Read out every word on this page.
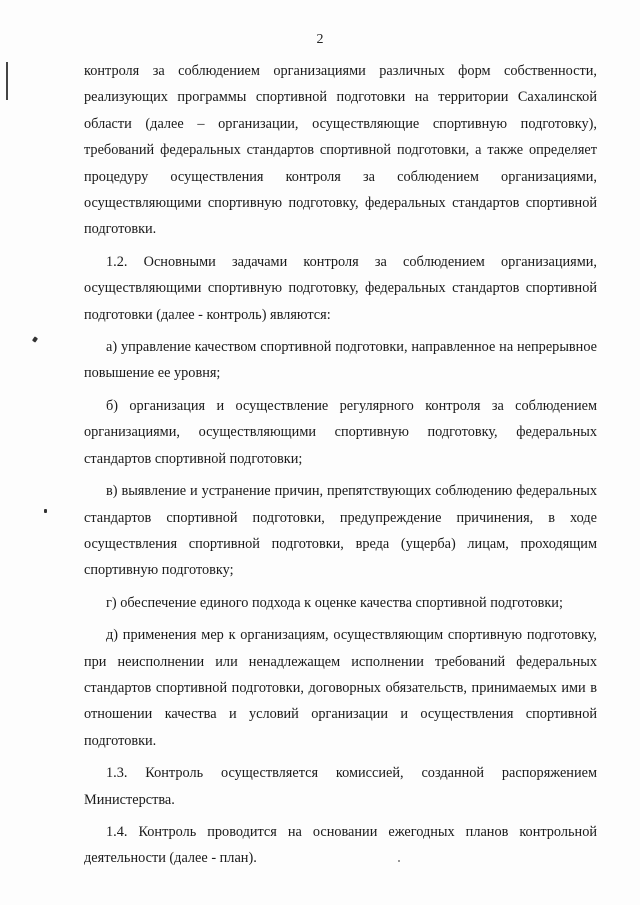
2

контроля за соблюдением организациями различных форм собственности, реализующих программы спортивной подготовки на территории Сахалинской области (далее – организации, осуществляющие спортивную подготовку), требований федеральных стандартов спортивной подготовки, а также определяет процедуру осуществления контроля за соблюдением организациями, осуществляющими спортивную подготовку, федеральных стандартов спортивной подготовки.

1.2. Основными задачами контроля за соблюдением организациями, осуществляющими спортивную подготовку, федеральных стандартов спортивной подготовки (далее - контроль) являются:

а) управление качеством спортивной подготовки, направленное на непрерывное повышение ее уровня;

б) организация и осуществление регулярного контроля за соблюдением организациями, осуществляющими спортивную подготовку, федеральных стандартов спортивной подготовки;

в) выявление и устранение причин, препятствующих соблюдению федеральных стандартов спортивной подготовки, предупреждение причинения, в ходе осуществления спортивной подготовки, вреда (ущерба) лицам, проходящим спортивную подготовку;

г) обеспечение единого подхода к оценке качества спортивной подготовки;

д) применения мер к организациям, осуществляющим спортивную подготовку, при неисполнении или ненадлежащем исполнении требований федеральных стандартов спортивной подготовки, договорных обязательств, принимаемых ими в отношении качества и условий организации и осуществления спортивной подготовки.

1.3. Контроль осуществляется комиссией, созданной распоряжением Министерства.

1.4. Контроль проводится на основании ежегодных планов контрольной деятельности (далее - план).
